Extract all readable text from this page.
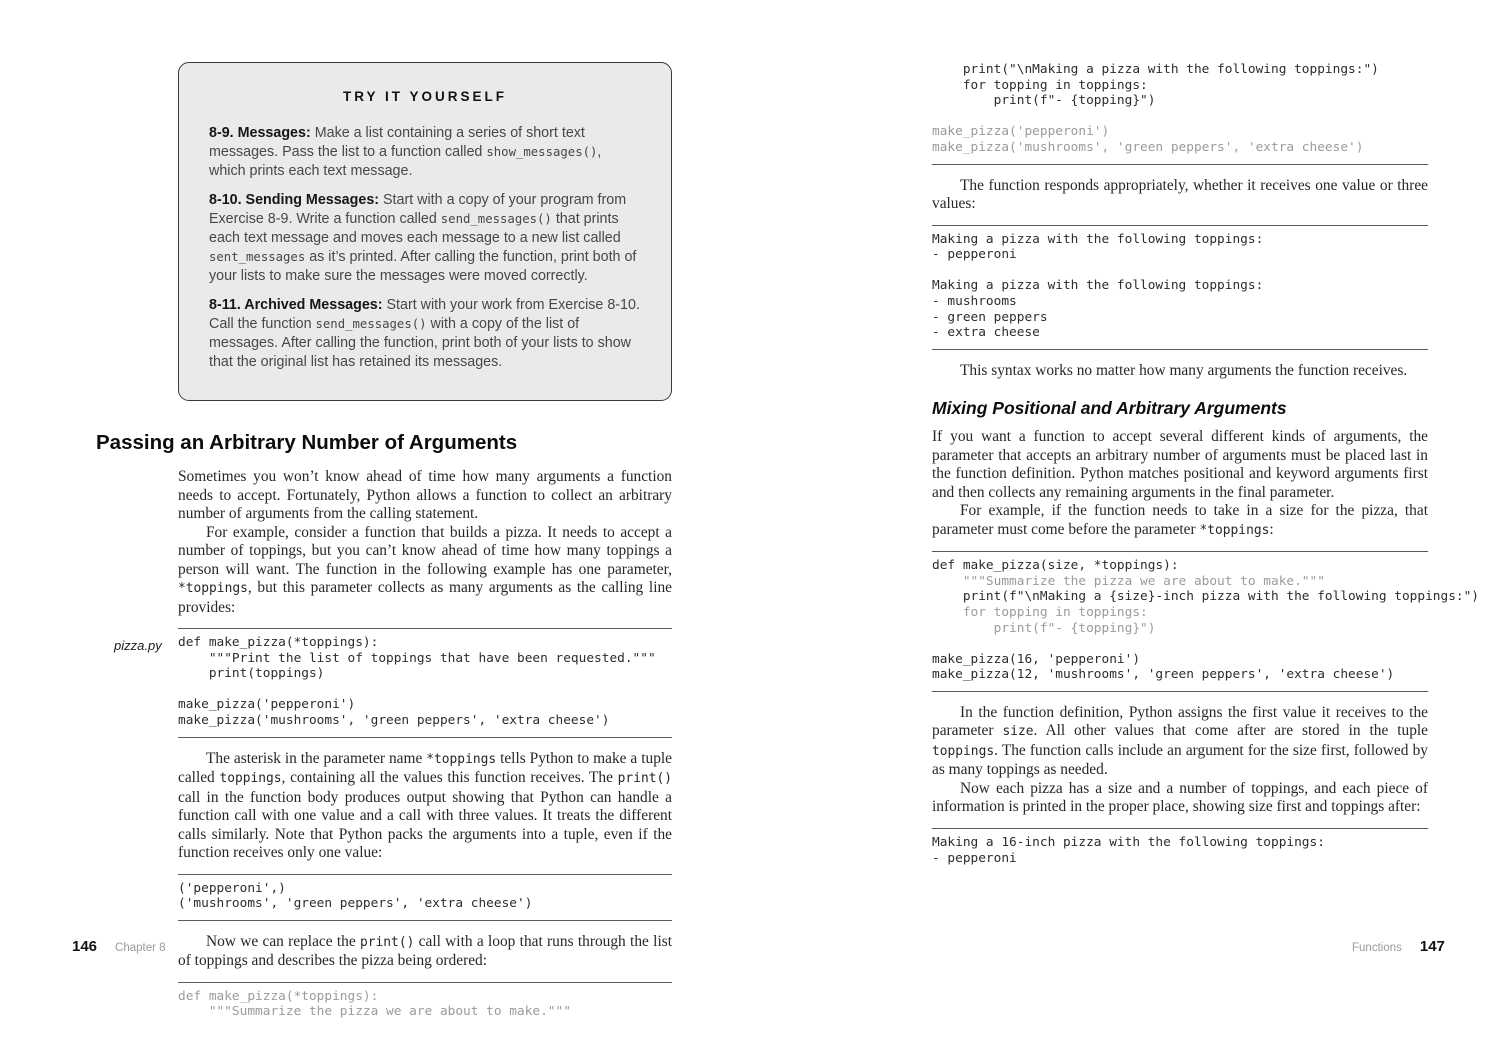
TRY IT YOURSELF
8-9. Messages: Make a list containing a series of short text messages. Pass the list to a function called show_messages(), which prints each text message.
8-10. Sending Messages: Start with a copy of your program from Exercise 8-9. Write a function called send_messages() that prints each text message and moves each message to a new list called sent_messages as it’s printed. After calling the function, print both of your lists to make sure the messages were moved correctly.
8-11. Archived Messages: Start with your work from Exercise 8-10. Call the function send_messages() with a copy of the list of messages. After calling the function, print both of your lists to show that the original list has retained its messages.
Passing an Arbitrary Number of Arguments

Sometimes you won’t know ahead of time how many arguments a function needs to accept. Fortunately, Python allows a function to collect an arbitrary number of arguments from the calling statement.

For example, consider a function that builds a pizza. It needs to accept a number of toppings, but you can’t know ahead of time how many toppings a person will want. The function in the following example has one parameter, *toppings, but this parameter collects as many arguments as the calling line provides:

pizza.py def make_pizza(*toppings):
"""Print the list of toppings that have been requested."""
print(toppings)

make_pizza('pepperoni')
make_pizza('mushrooms', 'green peppers', 'extra cheese')

The asterisk in the parameter name *toppings tells Python to make a tuple called toppings, containing all the values this function receives. The print() call in the function body produces output showing that Python can handle a function call with one value and a call with three values. It treats the different calls similarly. Note that Python packs the arguments into a tuple, even if the function receives only one value:

('pepperoni',)
('mushrooms', 'green peppers', 'extra cheese')

Now we can replace the print() call with a loop that runs through the list of toppings and describes the pizza being ordered:

def make_pizza(*toppings):
"""Summarize the pizza we are about to make."""
print("\nMaking a pizza with the following toppings:")
for topping in toppings:
print(f"- {topping}")

make_pizza('pepperoni')
make_pizza('mushrooms', 'green peppers', 'extra cheese')

The function responds appropriately, whether it receives one value or three values:

Making a pizza with the following toppings:
- pepperoni

Making a pizza with the following toppings:
- mushrooms
- green peppers
- extra cheese

This syntax works no matter how many arguments the function receives.

Mixing Positional and Arbitrary Arguments

If you want a function to accept several different kinds of arguments, the parameter that accepts an arbitrary number of arguments must be placed last in the function definition. Python matches positional and keyword arguments first and then collects any remaining arguments in the final parameter.

For example, if the function needs to take in a size for the pizza, that parameter must come before the parameter *toppings:

def make_pizza(size, *toppings):
"""Summarize the pizza we are about to make."""
print(f"\nMaking a {size}-inch pizza with the following toppings:")
for topping in toppings:
print(f"- {topping}")

make_pizza(16, 'pepperoni')
make_pizza(12, 'mushrooms', 'green peppers', 'extra cheese')

In the function definition, Python assigns the first value it receives to the parameter size. All other values that come after are stored in the tuple toppings. The function calls include an argument for the size first, followed by as many toppings as needed.

Now each pizza has a size and a number of toppings, and each piece of information is printed in the proper place, showing size first and toppings after:

Making a 16-inch pizza with the following toppings:
- pepperoni
146 Chapter 8	Functions 147
